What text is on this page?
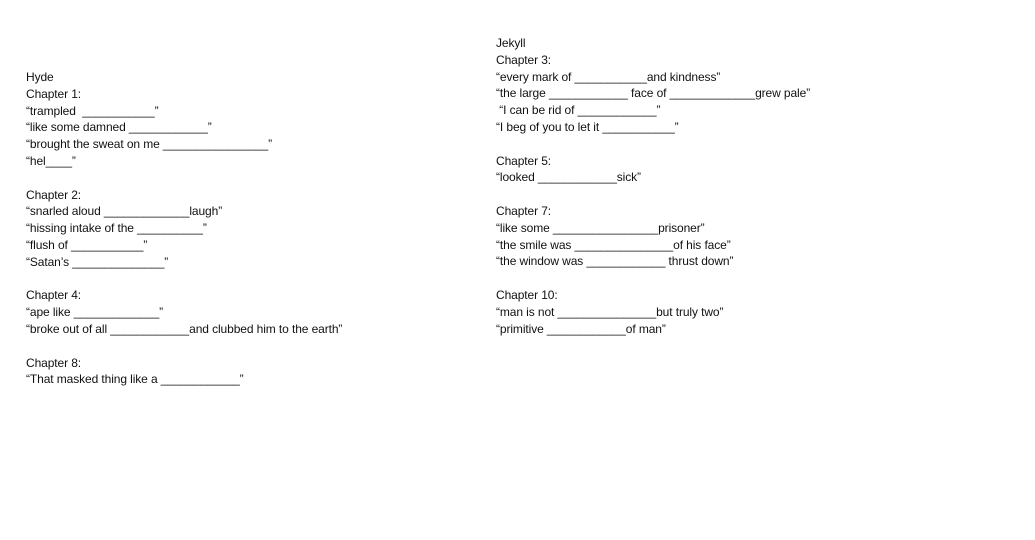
Hyde
Chapter 1:
“trampled  ___________”
“like some damned ____________”
“brought the sweat on me ________________”
“hel____”
Chapter 2:
“snarled aloud _____________laugh”
“hissing intake of the __________”
“flush of ___________”
“Satan’s ______________”
Chapter 4:
“ape like _____________”
“broke out of all ____________and clubbed him to the earth”
Chapter 8:
“That masked thing like a ____________”
Jekyll
Chapter 3:
“every mark of ___________and kindness”
“the large ____________ face of _____________grew pale”
“I can be rid of ____________”
“I beg of you to let it ___________”
Chapter 5:
“looked ____________sick”
Chapter 7:
“like some ________________prisoner”
“the smile was _______________of his face”
“the window was ____________ thrust down”
Chapter 10:
“man is not _______________but truly two”
“primitive ____________of man”
